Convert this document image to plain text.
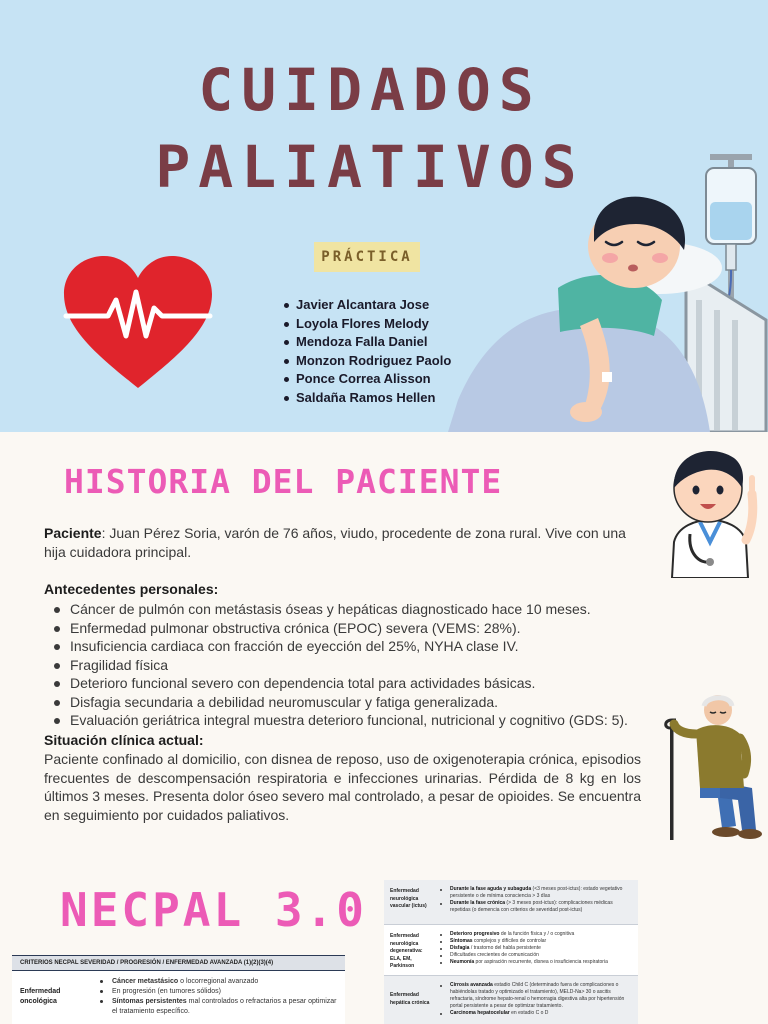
CUIDADOS
PALIATIVOS
PRÁCTICA
Javier Alcantara Jose
Loyola Flores Melody
Mendoza Falla Daniel
Monzon Rodriguez Paolo
Ponce Correa Alisson
Saldaña Ramos Hellen
HISTORIA DEL PACIENTE

Paciente: Juan Pérez Soria, varón de 76 años, viudo, procedente de zona rural. Vive con una hija cuidadora principal.

Antecedentes personales:

Cáncer de pulmón con metástasis óseas y hepáticas diagnosticado hace 10 meses.
Enfermedad pulmonar obstructiva crónica (EPOC) severa (VEMS: 28%).
Insuficiencia cardiaca con fracción de eyección del 25%, NYHA clase IV.
Fragilidad física
Deterioro funcional severo con dependencia total para actividades básicas.
Disfagia secundaria a debilidad neuromuscular y fatiga generalizada.
Evaluación geriátrica integral muestra deterioro funcional, nutricional y cognitivo (GDS: 5).

Situación clínica actual:

Paciente confinado al domicilio, con disnea de reposo, uso de oxigenoterapia crónica, episodios frecuentes de descompensación respiratoria e infecciones urinarias. Pérdida de 8 kg en los últimos 3 meses. Presenta dolor óseo severo mal controlado, a pesar de opioides. Se encuentra en seguimiento por cuidados paliativos.

NECPAL 3.0
CRITERIOS NECPAL SEVERIDAD / PROGRESIÓN / ENFERMEDAD AVANZADA (1)(2)(3)(4)
Enfermedad oncológica
Cáncer metastásico o locorregional avanzado
En progresión (en tumores sólidos)
Síntomas persistentes mal controlados o refractarios a pesar optimizar el tratamiento específico.
Enfermedad neurológica vascular (ictus)
Durante la fase aguda y subaguda (<3 meses post-ictus): estado vegetativo persistente o de mínima consciencia > 3 días
Durante la fase crónica (> 3 meses post-ictus): complicaciones médicas repetidas (o demencia con criterios de severidad post-ictus)
Enfermedad neurológica degenerativa: ELA, EM, Parkinson
Deterioro progresivo de la función física y / o cognitiva
Síntomas complejos y difíciles de controlar
Disfagia / trastorno del habla persistente
Dificultades crecientes de comunicación
Neumonía por aspiración recurrente, disnea o insuficiencia respiratoria
Enfermedad hepática crónica
Cirrosis avanzada estadio Child C (determinado fuera de complicaciones o habiéndolas tratado y optimizado el tratamiento), MELD-Na> 30 o ascitis refractaria, síndrome hepato-renal o hemorragia digestiva alta por hipertensión portal persistente a pesar de optimizar tratamiento.
Carcinoma hepatocelular en estadio C o D
